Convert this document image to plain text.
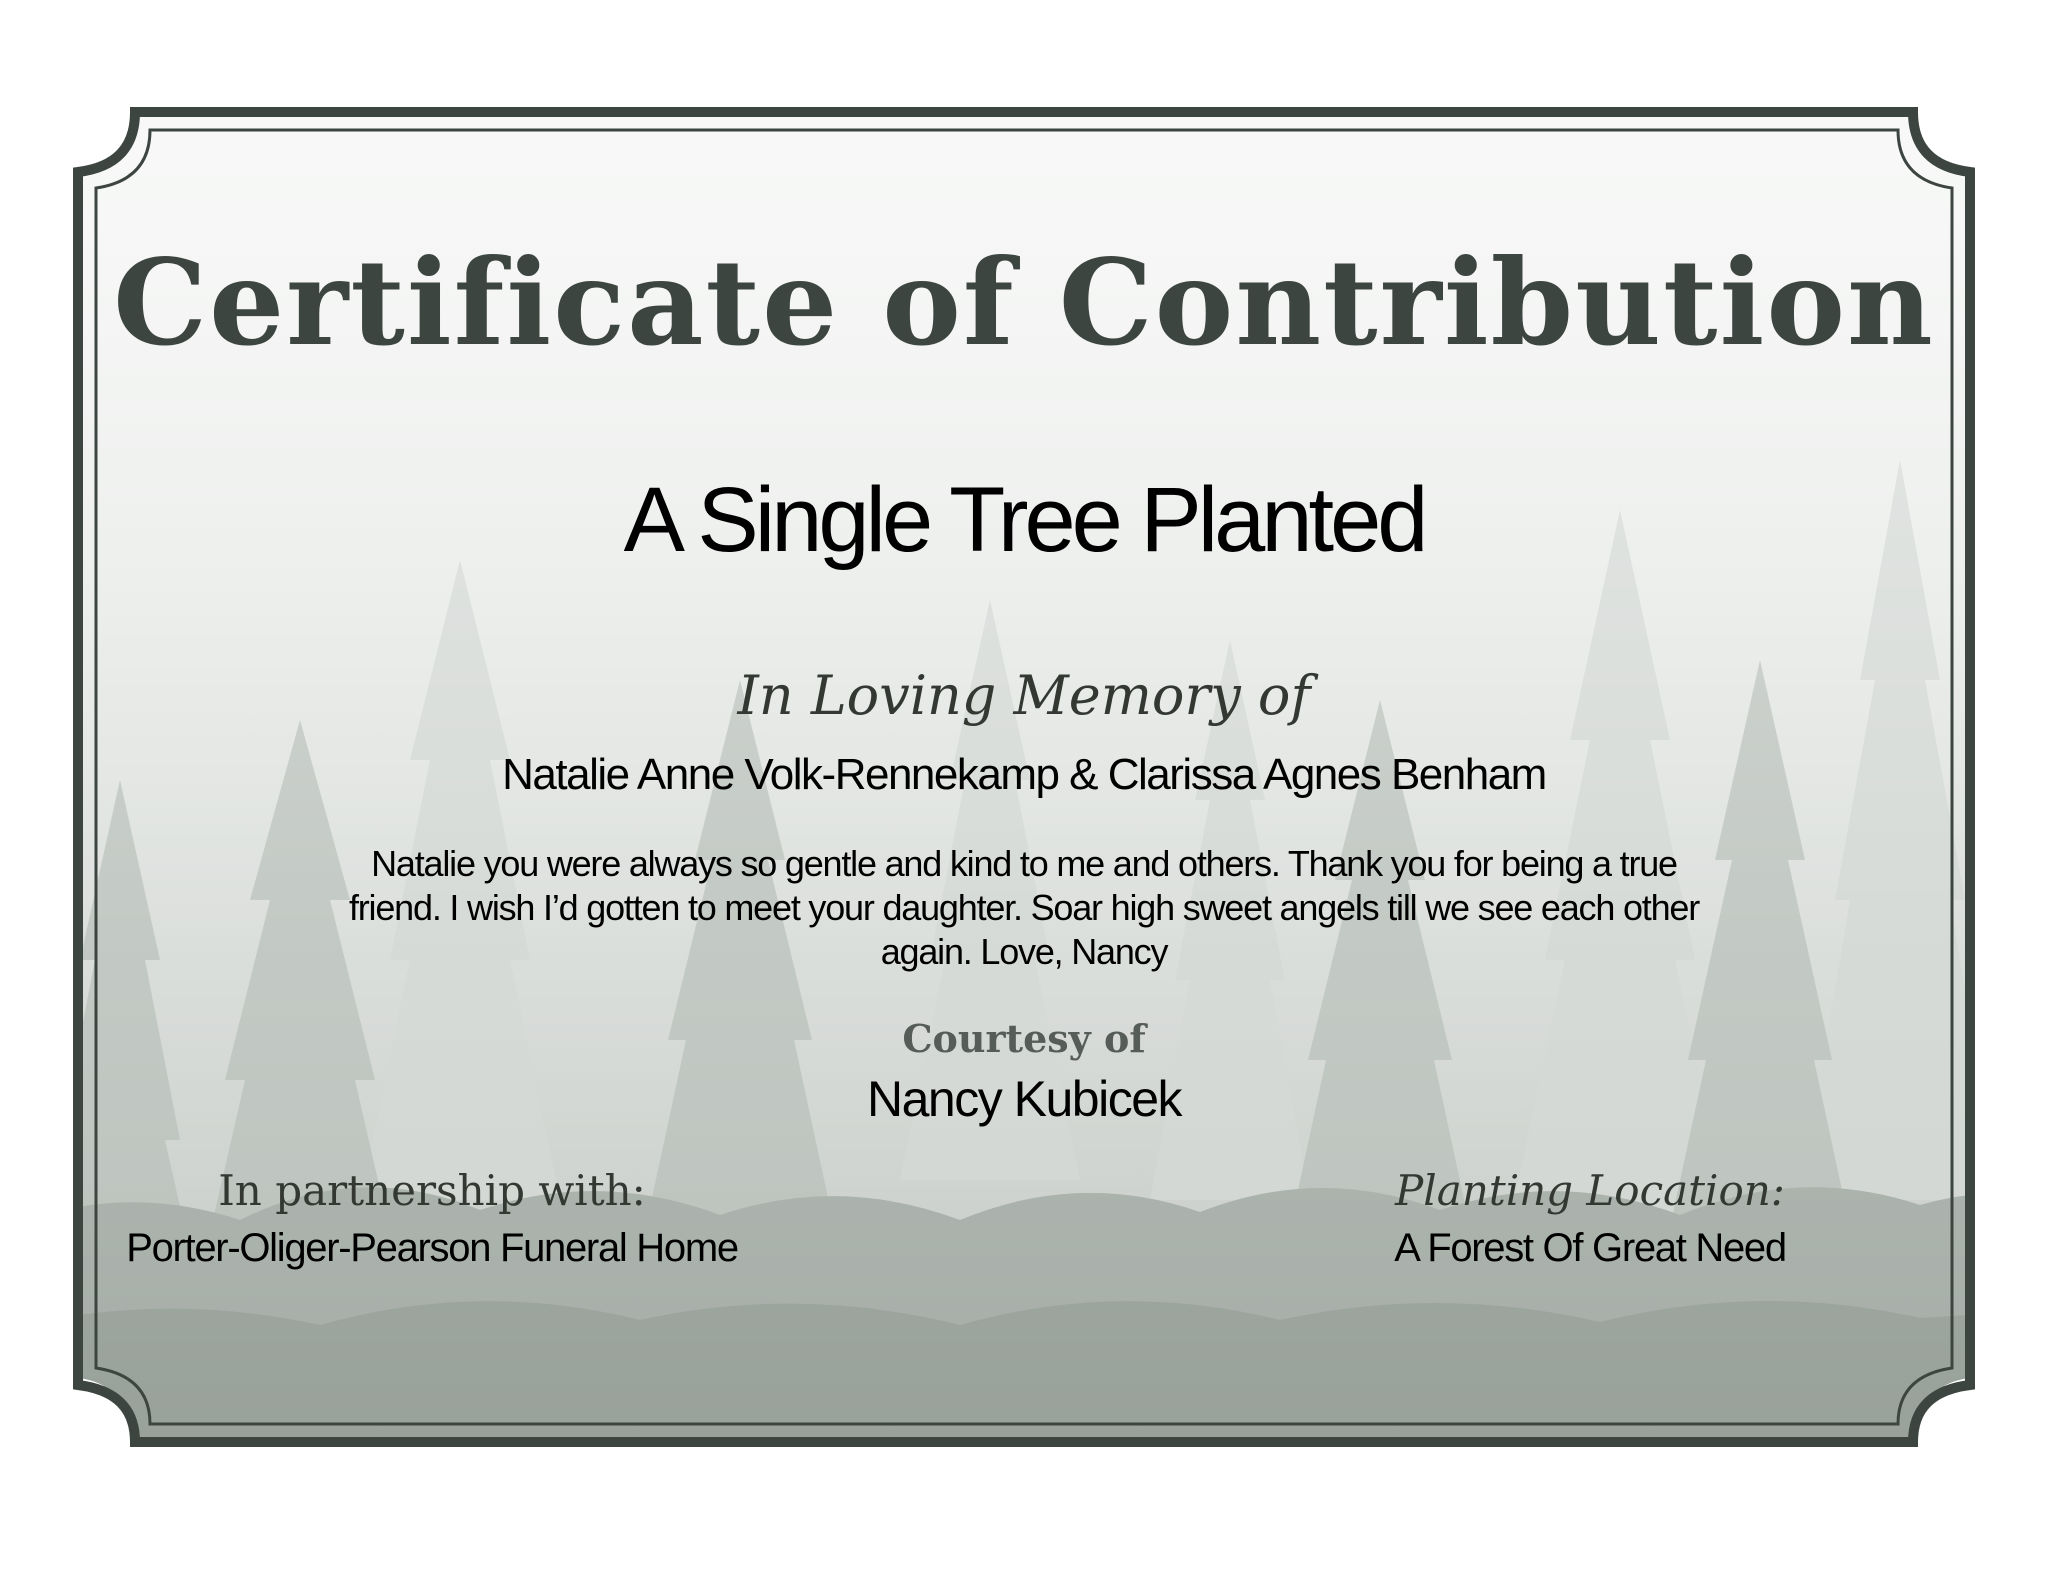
Certificate of Contribution
A Single Tree Planted
In Loving Memory of
Natalie Anne Volk-Rennekamp & Clarissa Agnes Benham
Natalie you were always so gentle and kind to me and others. Thank you for being a true friend. I wish I’d gotten to meet your daughter. Soar high sweet angels till we see each other again. Love, Nancy
Courtesy of
Nancy Kubicek
In partnership with:
Porter-Oliger-Pearson Funeral Home
Planting Location:
A Forest Of Great Need
